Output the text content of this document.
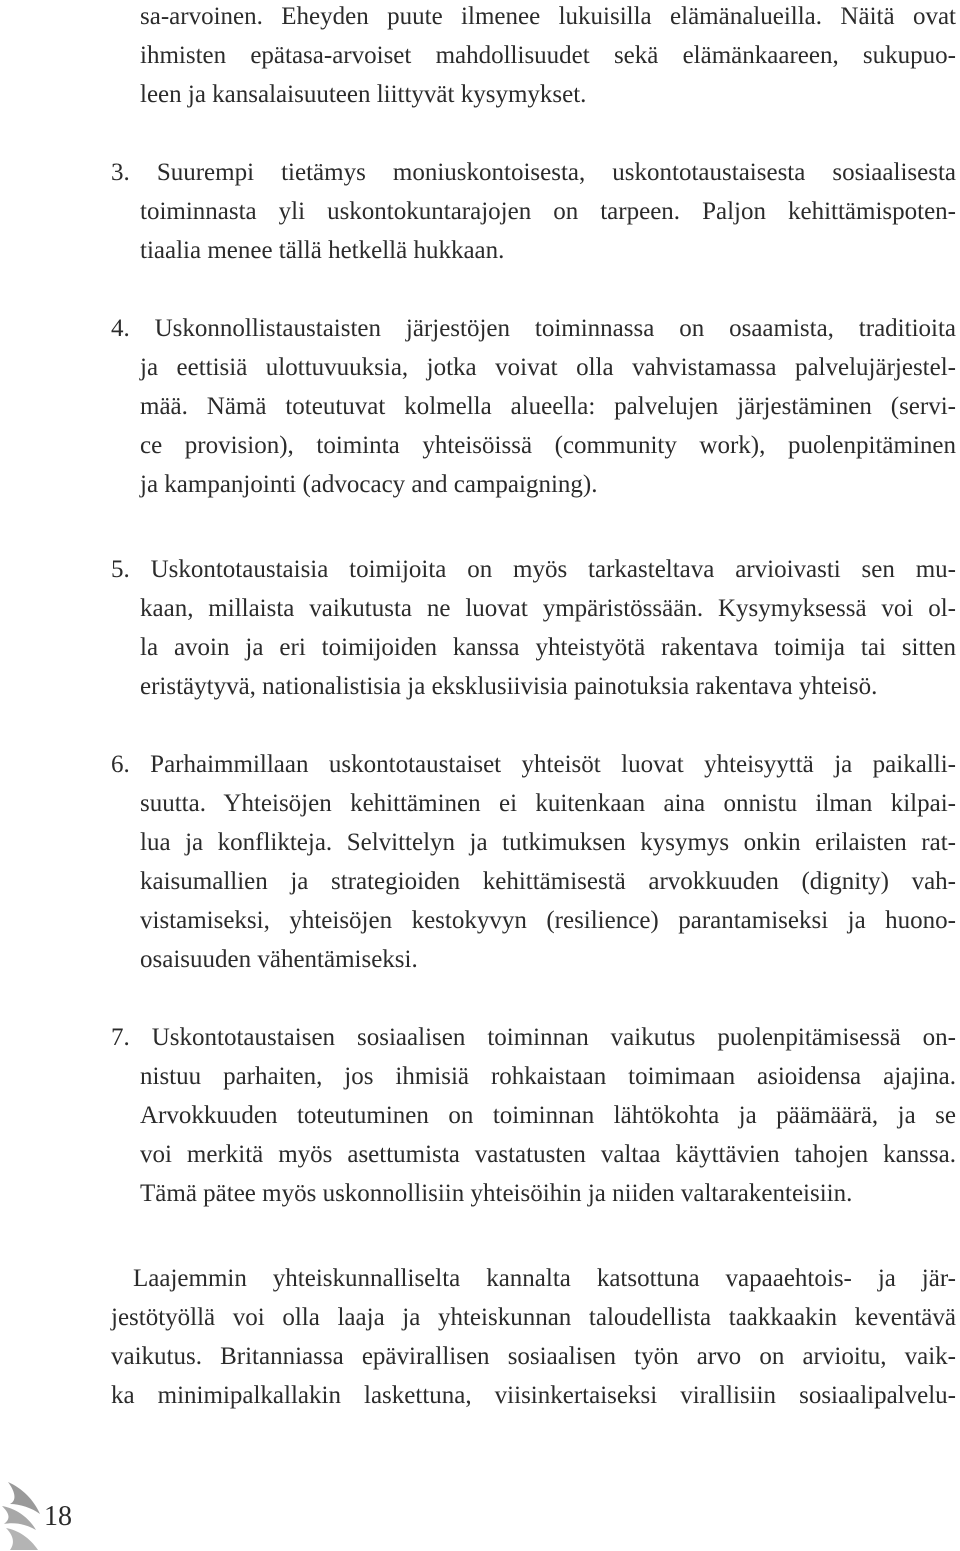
sa-arvoinen. Eheyden puute ilmenee lukuisilla elämänalueilla. Näitä ovat
ihmisten epätasa-arvoiset mahdollisuudet sekä elämänkaareen, sukupuo-
leen ja kansalaisuuteen liittyvät kysymykset.
3. Suurempi tietämys moniuskontoisesta, uskontotaustaisesta sosiaalisesta
toiminnasta yli uskontokuntarajojen on tarpeen. Paljon kehittämispoten-
tiaalia menee tällä hetkellä hukkaan.
4. Uskonnollistaustaisten järjestöjen toiminnassa on osaamista, traditioita
ja eettisiä ulottuvuuksia, jotka voivat olla vahvistamassa palvelujärjestel-
mää. Nämä toteutuvat kolmella alueella: palvelujen järjestäminen (servi-
ce provision), toiminta yhteisöissä (community work), puolenpitäminen
ja kampanjointi (advocacy and campaigning).
5. Uskontotaustaisia toimijoita on myös tarkasteltava arvioivasti sen mu-
kaan, millaista vaikutusta ne luovat ympäristössään. Kysymyksessä voi ol-
la avoin ja eri toimijoiden kanssa yhteistyötä rakentava toimija tai sitten
eristäytyvä, nationalistisia ja eksklusiivisia painotuksia rakentava yhteisö.
6. Parhaimmillaan uskontotaustaiset yhteisöt luovat yhteisyyttä ja paikalli-
suutta. Yhteisöjen kehittäminen ei kuitenkaan aina onnistu ilman kilpai-
lua ja konflikteja. Selvittelyn ja tutkimuksen kysymys onkin erilaisten rat-
kaisumallien ja strategioiden kehittämisestä arvokkuuden (dignity) vah-
vistamiseksi, yhteisöjen kestokyvyn (resilience) parantamiseksi ja huono-
osaisuuden vähentämiseksi.
7. Uskontotaustaisen sosiaalisen toiminnan vaikutus puolenpitämisessä on-
nistuu parhaiten, jos ihmisiä rohkaistaan toimimaan asioidensa ajajina.
Arvokkuuden toteutuminen on toiminnan lähtökohta ja päämäärä, ja se
voi merkitä myös asettumista vastatusten valtaa käyttävien tahojen kanssa.
Tämä pätee myös uskonnollisiin yhteisöihin ja niiden valtarakenteisiin.
Laajemmin yhteiskunnalliselta kannalta katsottuna vapaaehtois- ja jär-
jestötyöllä voi olla laaja ja yhteiskunnan taloudellista taakkaakin keventävä
vaikutus. Britanniassa epävirallisen sosiaalisen työn arvo on arvioitu, vaik-
ka minimipalkallakin laskettuna, viisinkertaiseksi virallisiin sosiaalipalvelu-
18
